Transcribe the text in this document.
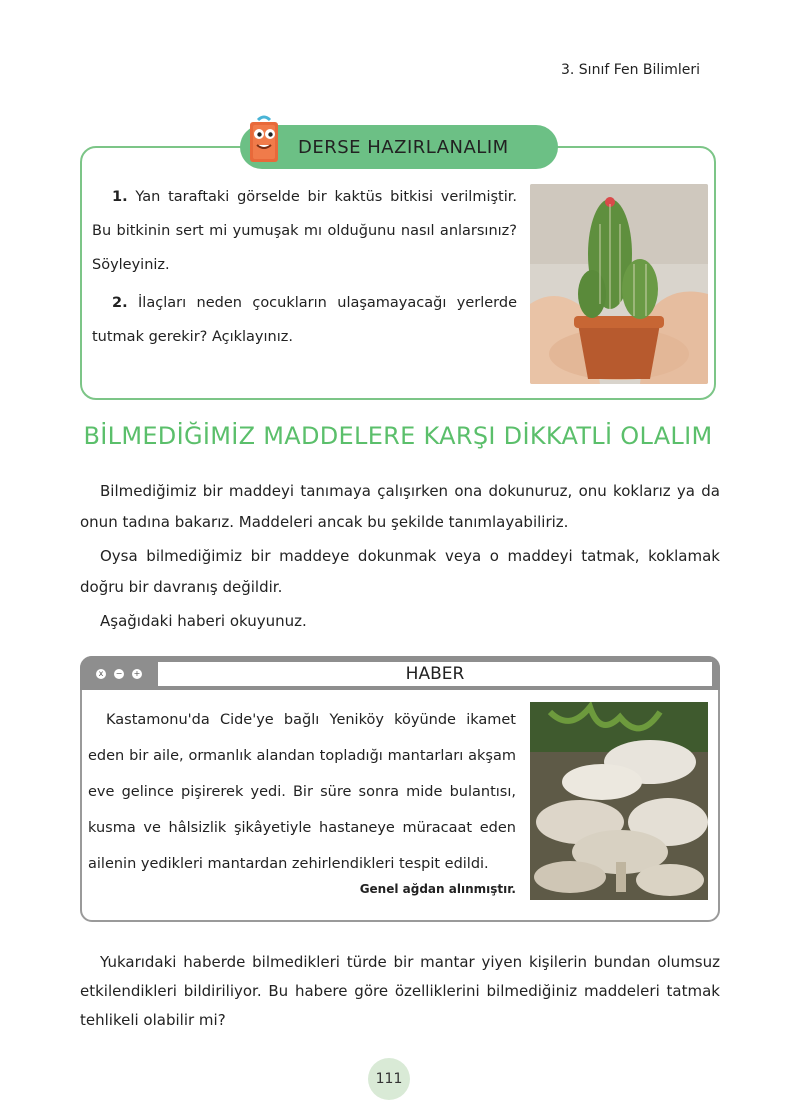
3. Sınıf Fen Bilimleri
DERSE HAZIRLANALIM

1. Yan taraftaki görselde bir kaktüs bitkisi verilmiştir. Bu bitkinin sert mi yumuşak mı olduğunu nasıl anlarsınız? Söyleyiniz.

2. İlaçları neden çocukların ulaşamayacağı yerlerde tutmak gerekir? Açıklayınız.

BİLMEDİĞİMİZ MADDELERE KARŞI DİKKATLİ OLALIM

Bilmediğimiz bir maddeyi tanımaya çalışırken ona dokunuruz, onu koklarız ya da onun tadına bakarız. Maddeleri ancak bu şekilde tanımlayabiliriz.

Oysa bilmediğimiz bir maddeye dokunmak veya o maddeyi tatmak, koklamak doğru bir davranış değildir.

Aşağıdaki haberi okuyunuz.

x	− +	HABER

Kastamonu'da Cide'ye bağlı Yeniköy köyünde ikamet eden bir aile, ormanlık alandan topladığı mantarları akşam eve gelince pişirerek yedi. Bir süre sonra mide bulantısı, kusma ve hâlsizlik şikâyetiyle hastaneye müracaat eden ailenin yedikleri mantardan zehirlendikleri tespit edildi.

Genel ağdan alınmıştır.

Yukarıdaki haberde bilmedikleri türde bir mantar yiyen kişilerin bundan olumsuz etkilendikleri bildiriliyor. Bu habere göre özelliklerini bilmediğiniz maddeleri tatmak tehlikeli olabilir mi?

111
